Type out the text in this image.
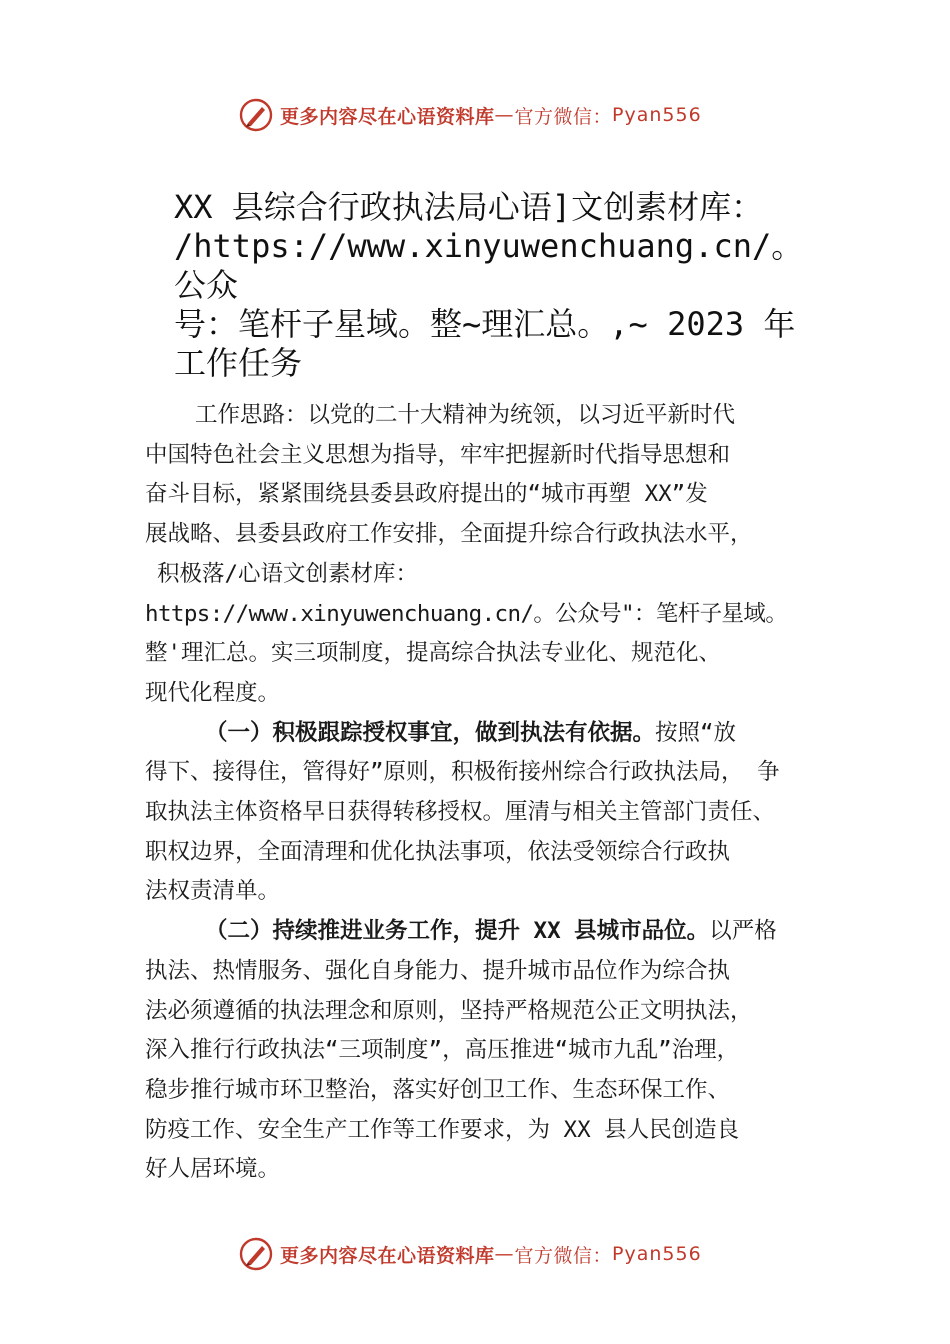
更多内容尽在心语资料库 — 官方微信： Pyan556
XX 县综合行政执法局心语]文创素材库：
/https://www.xinyuwenchuang.cn/。公众
号：笔杆子星域。整~理汇总。,~ 2023 年
工作任务

工作思路：以党的二十大精神为统领，以习近平新时代
中国特色社会主义思想为指导，牢牢把握新时代指导思想和
奋斗目标，紧紧围绕县委县政府提出的“城市再塑 XX”发
展战略、县委县政府工作安排，全面提升综合行政执法水平，
积极落/心语文创素材库：
https://www.xinyuwenchuang.cn/。公众号"：笔杆子星域。
整'理汇总。实三项制度，提高综合执法专业化、规范化、
现代化程度。

（一）积极跟踪授权事宜，做到执法有依据。按照“放
得下、接得住，管得好”原则，积极衔接州综合行政执法局， 争
取执法主体资格早日获得转移授权。厘清与相关主管部门责任、
职权边界，全面清理和优化执法事项，依法受领综合行政执
法权责清单。

（二）持续推进业务工作，提升 XX 县城市品位。以严格
执法、热情服务、强化自身能力、提升城市品位作为综合执
法必须遵循的执法理念和原则，坚持严格规范公正文明执法，
深入推行行政执法“三项制度”，高压推进“城市九乱”治理，
稳步推行城市环卫整治，落实好创卫工作、生态环保工作、
防疫工作、安全生产工作等工作要求，为 XX 县人民创造良
好人居环境。

更多内容尽在心语资料库 — 官方微信： Pyan556
